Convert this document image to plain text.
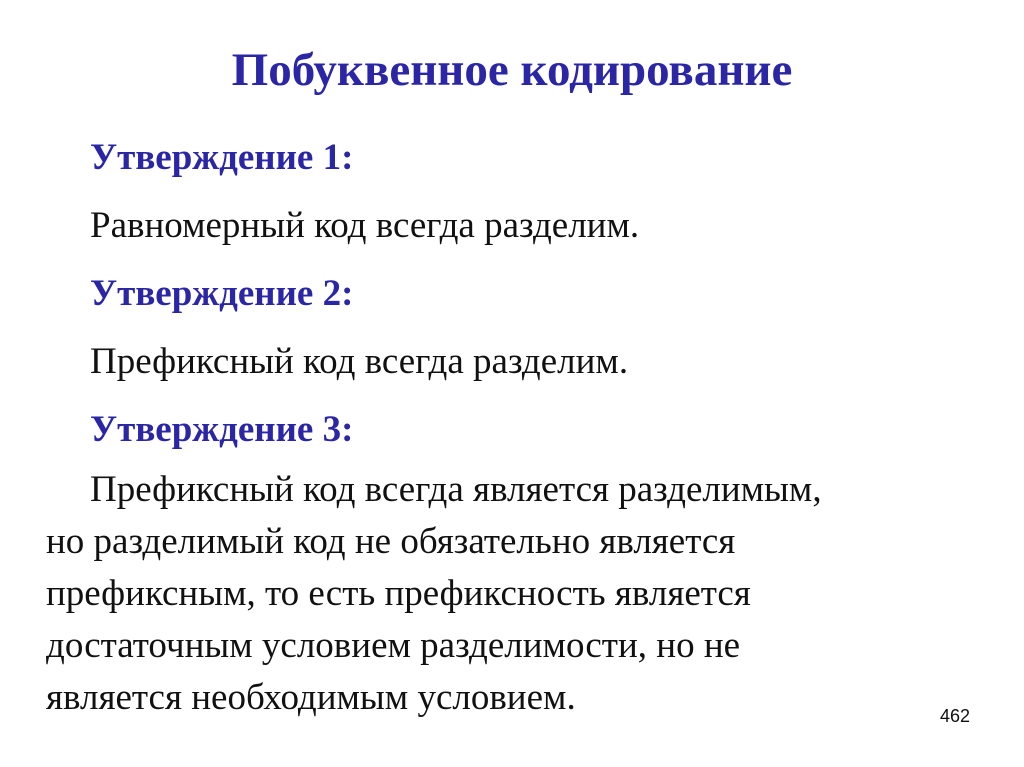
Побуквенное кодирование

Утверждение 1:

Равномерный код всегда разделим.

Утверждение 2:

Префиксный код всегда разделим.

Утверждение 3:

Префиксный код всегда является разделимым,
но разделимый код не обязательно является
префиксным, то есть префиксность является
достаточным условием разделимости, но не
является необходимым условием.	462
